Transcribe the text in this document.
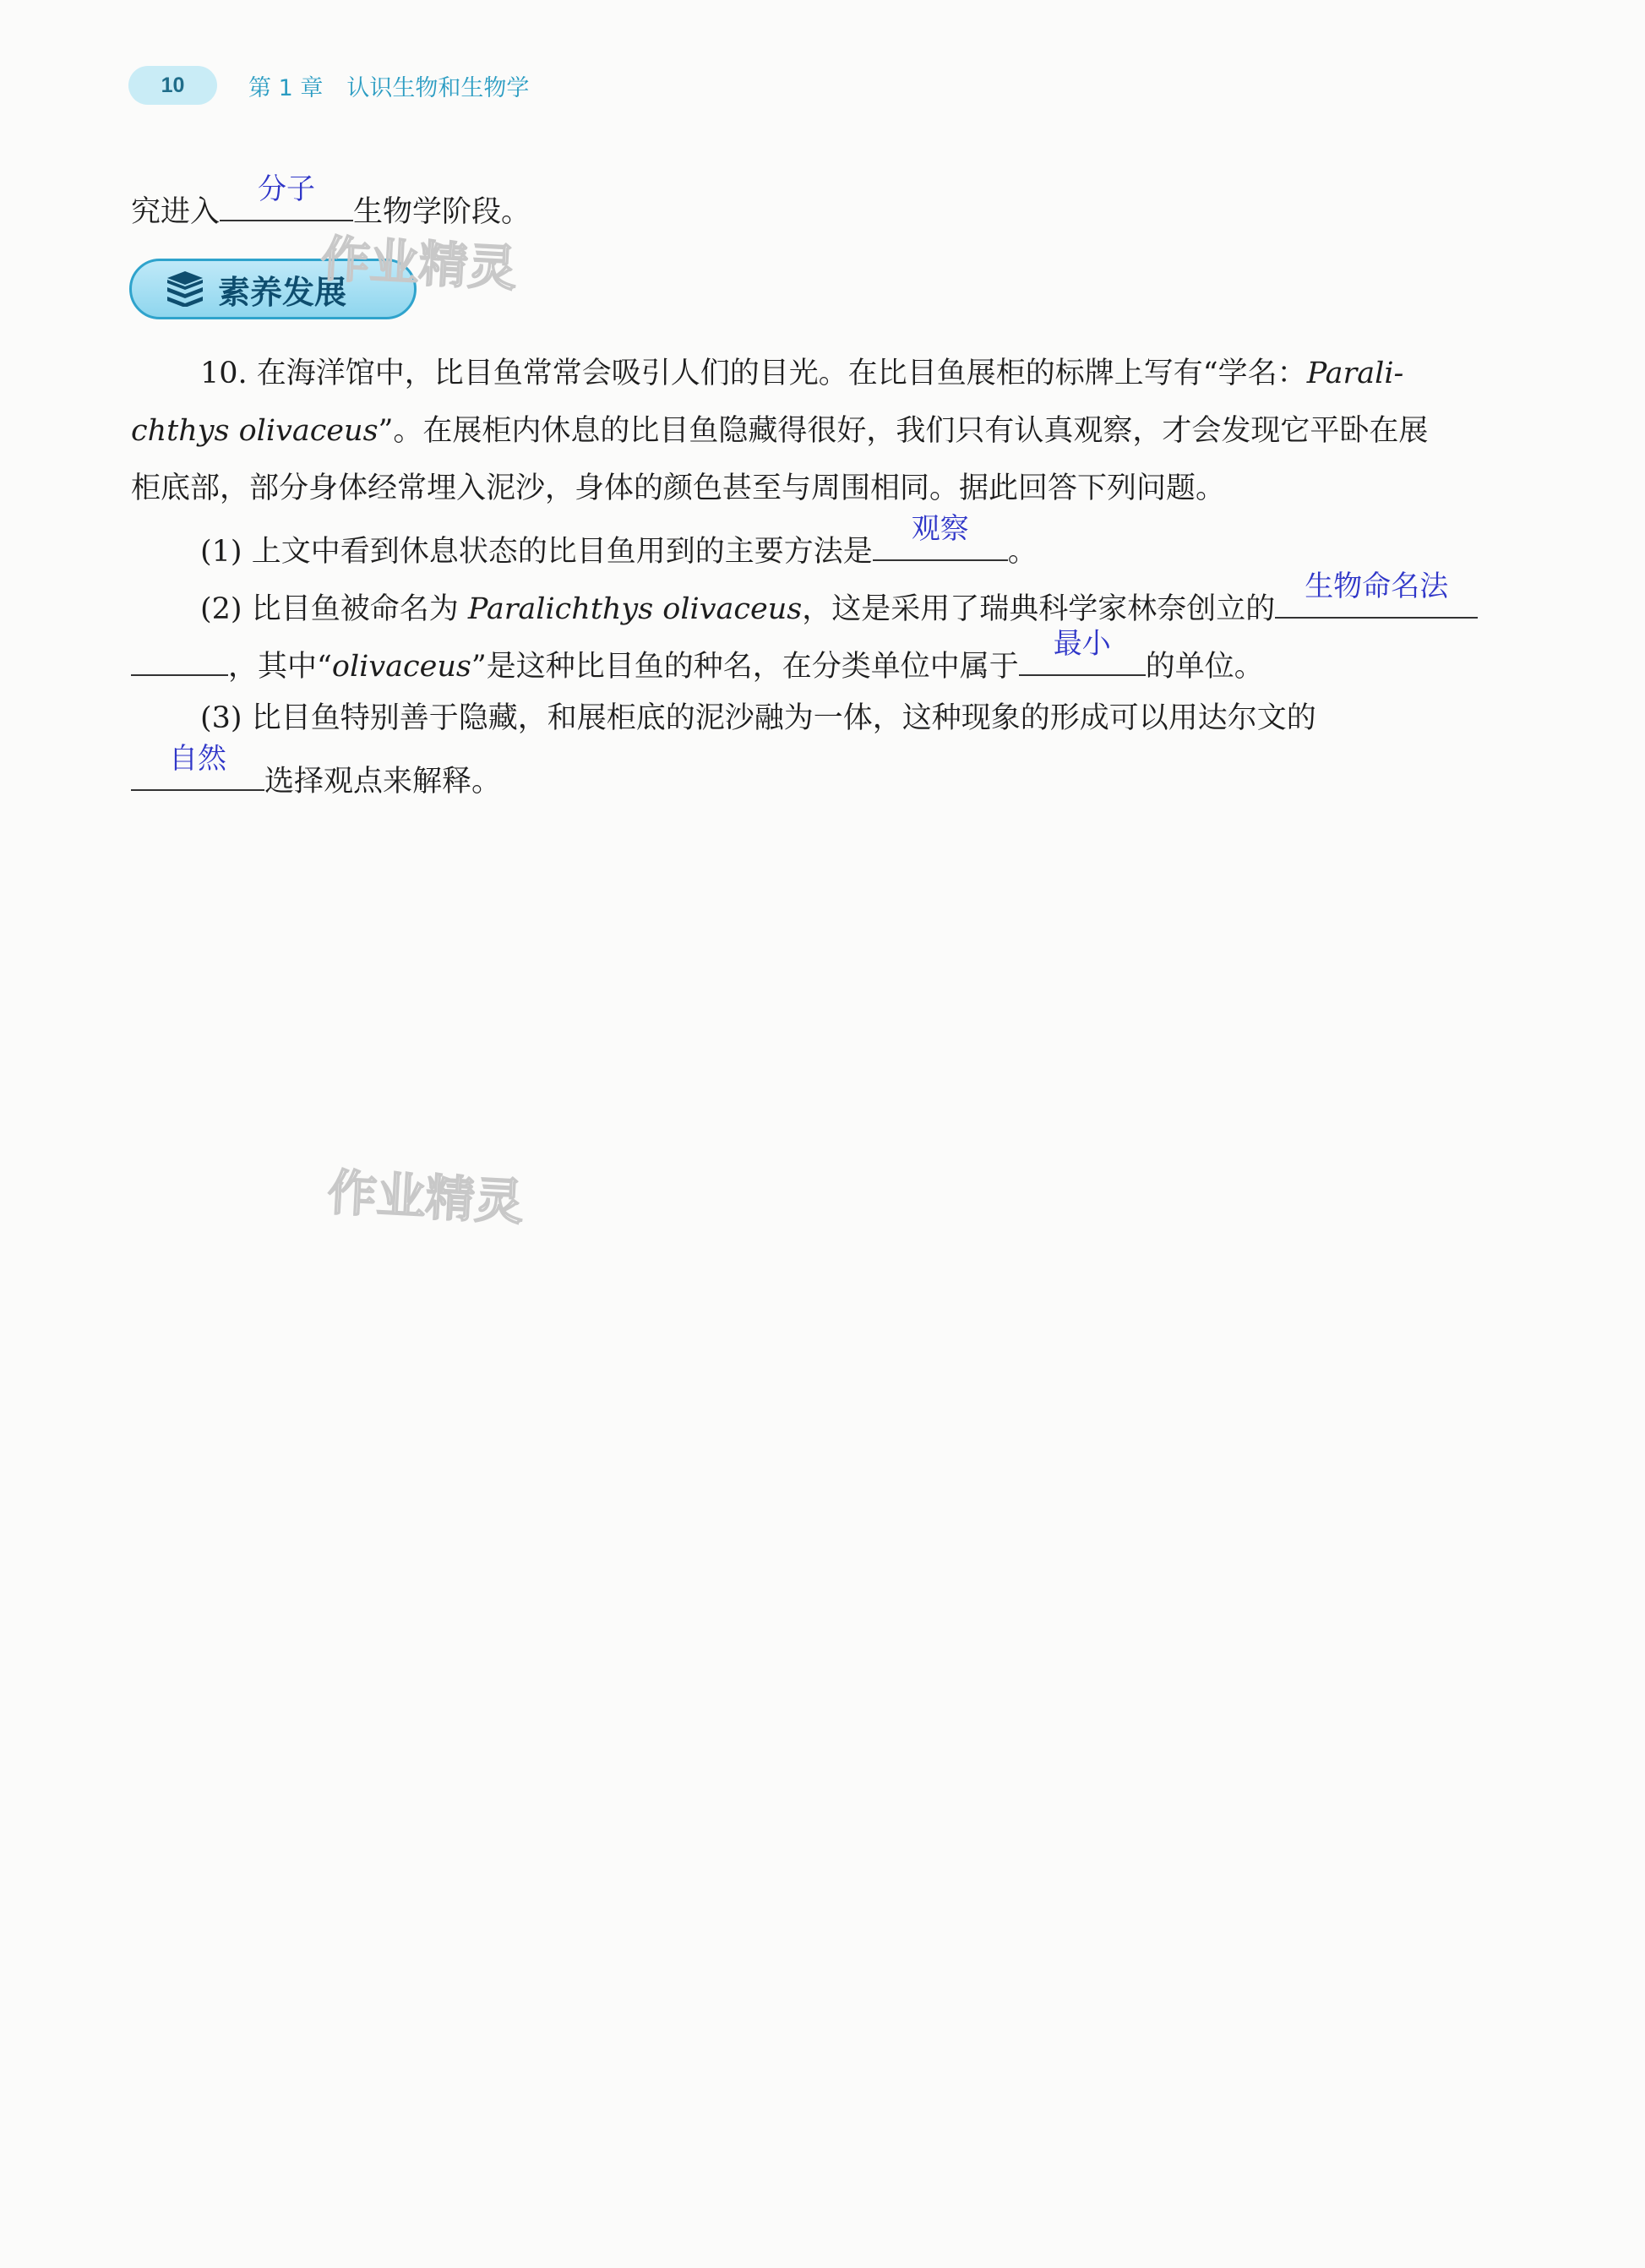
10	第 1 章 认识生物和生物学
究进入
分子
生物学阶段。
素养发展
10. 在海洋馆中，比目鱼常常会吸引人们的目光。在比目鱼展柜的标牌上写有“学名：Parali-
chthys olivaceus”。在展柜内休息的比目鱼隐藏得很好，我们只有认真观察，才会发现它平卧在展
柜底部，部分身体经常埋入泥沙，身体的颜色甚至与周围相同。据此回答下列问题。
(1) 上文中看到休息状态的比目鱼用到的主要方法是
观察
。
(2) 比目鱼被命名为 Paralichthys olivaceus，这是采用了瑞典科学家林奈创立的
生物命名法
，其中“olivaceus”是这种比目鱼的种名，在分类单位中属于
最小
的单位。
(3) 比目鱼特别善于隐藏，和展柜底的泥沙融为一体，这种现象的形成可以用达尔文的
自然
选择观点来解释。
作业精灵
作业精灵
